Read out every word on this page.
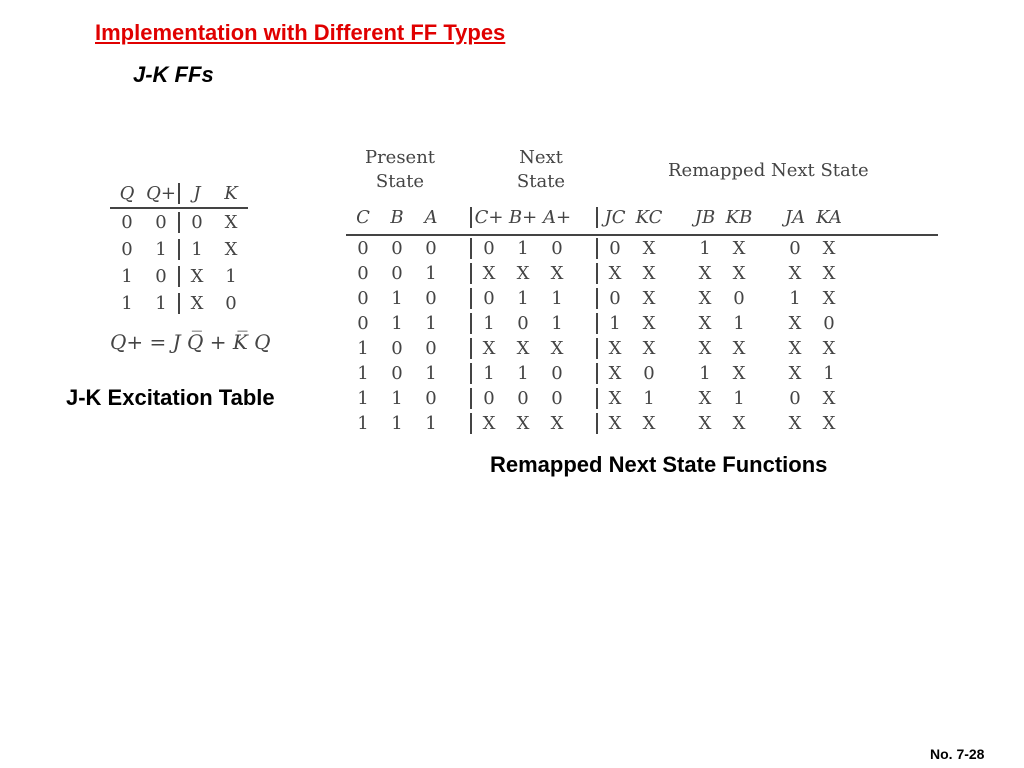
Implementation with Different FF Types
J-K FFs
Q Q+ J	K
0	0	0	X
0	1	1	X
1	0	X	1
1	1	X	0
Q+ = J Q̅ + K̅ Q
J-K Excitation Table
Present
State
Next
State
Remapped Next State
C	B	A	C+ B+ A+	JC KC	JB KB	JA KA
0	0	0	0	1	0	0	X	1	X	0	X
0	0	1	X	X	X	X	X	X	X	X	X
0	1	0	0	1	1	0	X	X	0	1	X
0	1	1	1	0	1	1	X	X	1	X	0
1	0	0	X	X	X	X	X	X	X	X	X
1	0	1	1	1	0	X	0	1	X	X	1
1	1	0	0	0	0	X	1	X	1	0	X
1	1	1	X	X	X	X	X	X	X	X	X
Remapped Next State Functions
No. 7-28
